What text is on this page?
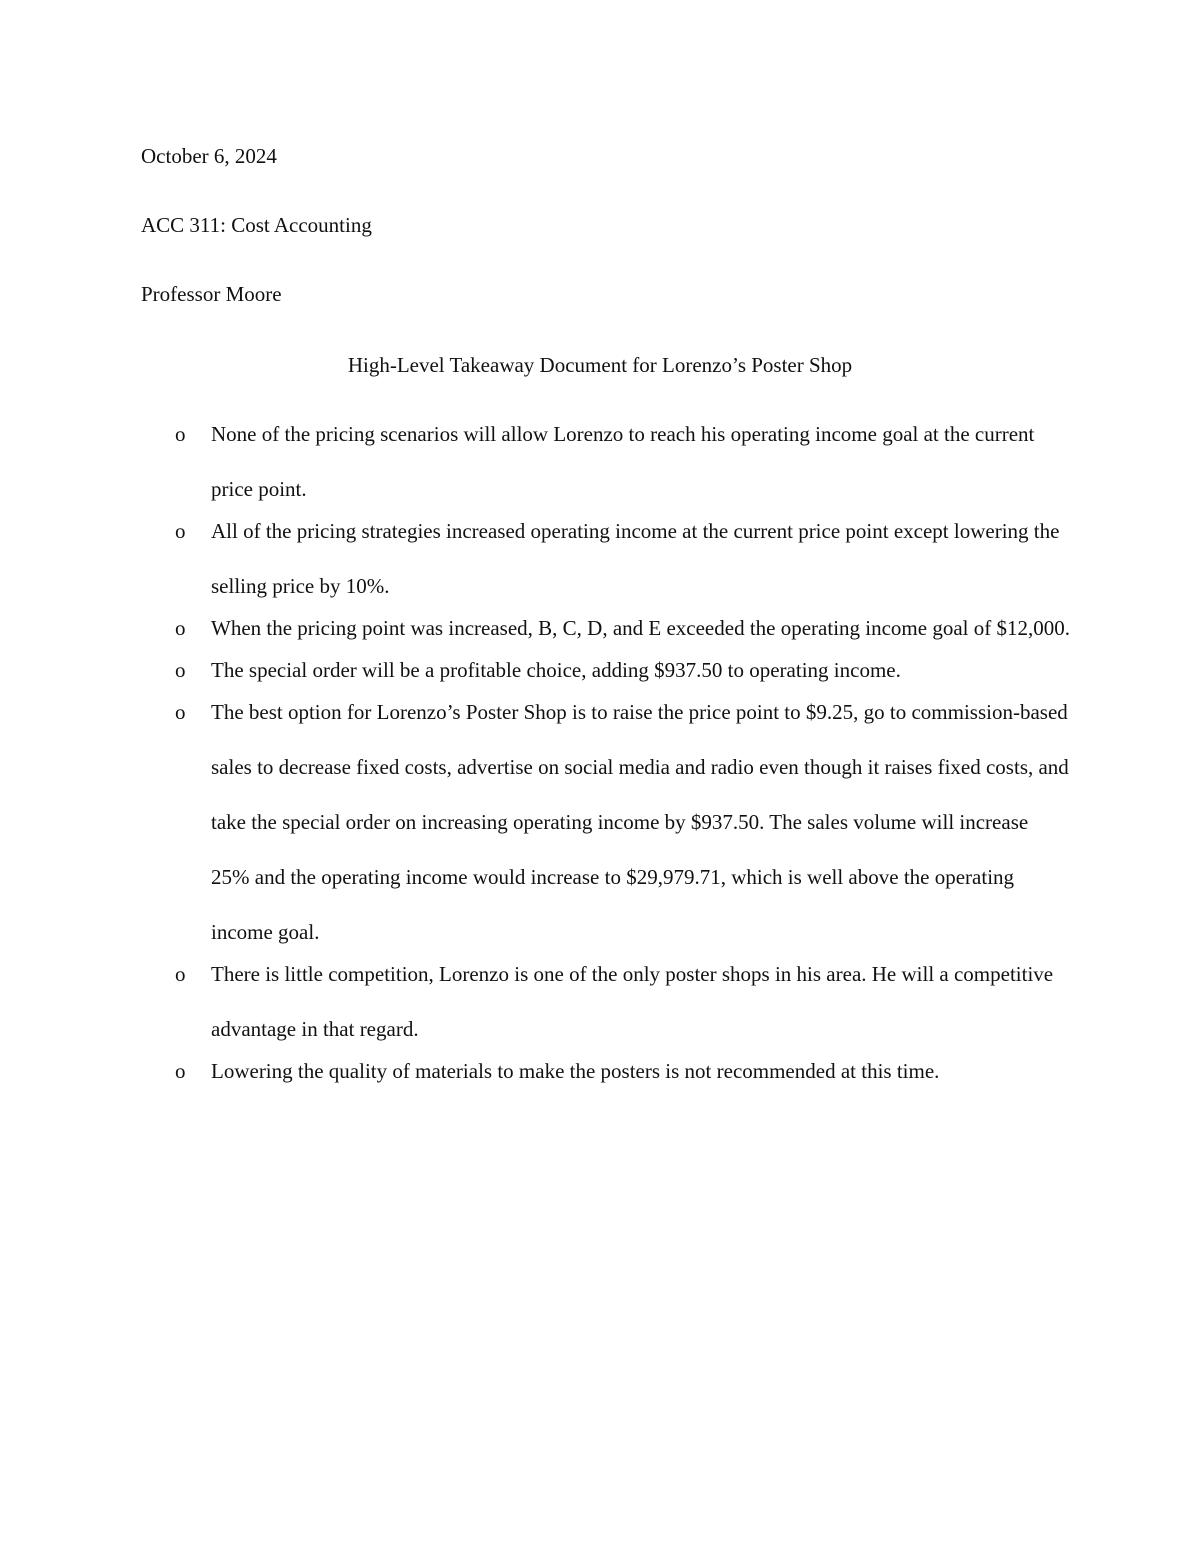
October 6, 2024
ACC 311: Cost Accounting
Professor Moore
High-Level Takeaway Document for Lorenzo’s Poster Shop
o None of the pricing scenarios will allow Lorenzo to reach his operating income goal at the current price point.
o All of the pricing strategies increased operating income at the current price point except lowering the selling price by 10%.
o When the pricing point was increased, B, C, D, and E exceeded the operating income goal of $12,000.
o The special order will be a profitable choice, adding $937.50 to operating income.
o The best option for Lorenzo’s Poster Shop is to raise the price point to $9.25, go to commission-based sales to decrease fixed costs, advertise on social media and radio even though it raises fixed costs, and take the special order on increasing operating income by $937.50. The sales volume will increase 25% and the operating income would increase to $29,979.71, which is well above the operating income goal.
o There is little competition, Lorenzo is one of the only poster shops in his area. He will a competitive advantage in that regard.
o Lowering the quality of materials to make the posters is not recommended at this time.
